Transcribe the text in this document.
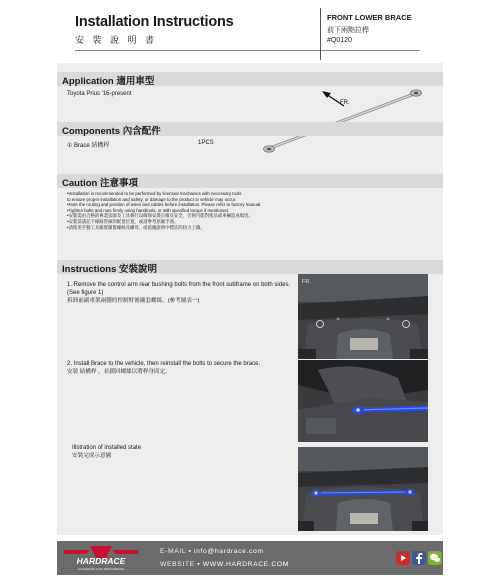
Installation Instructions
安 裝 說 明 書
FRONT LOWER BRACE
前下兩點拉桿
#Q0120
Application 適用車型
Toyota Prius '16-present
FR.
Components 內含配件
① Brace 結構桿	1PCS
Caution 注意事項
•Installation is recommended to be performed by licensed mechanics with necessary tools
to ensure proper installation and safety, or damage to the product or vehicle may occur.
•Note the routing and position of wires and cables before installation. Please refer to factory manual.
•Tighten bolts and nuts firmly using handtools, or with specified torque if mentioned.
•安裝需由合格的專業技師及工具執行以確保安裝正確及安全，否則可能對產品或車輛造成傷害。
•安裝前請記下線路管線的配置位置，或請參考原廠手冊。
•請使用手動工具確實鎖緊螺絲及螺母，或依據說明中標註的扭力上鎖。
Instructions 安裝說明
1. Remove the control arm rear bushing bolts from the front subframe on both sides. (See figure 1)
拆卸前副車架兩側的控制臂後襯套螺絲。(參考圖表一)
2. Install Brace to the vehicle, then reinstall the bolts to secure the brace.
安裝 結構桿 ，並鎖回螺絲以將桿身固定。
Illstration of installed state
安裝完成示意圖
FR.
HARDRACE
ACCELERATE YOUR PERFORMANCE
E-MAIL ▪ info@hardrace.com
WEBSITE ▪ WWW.HARDRACE.COM
